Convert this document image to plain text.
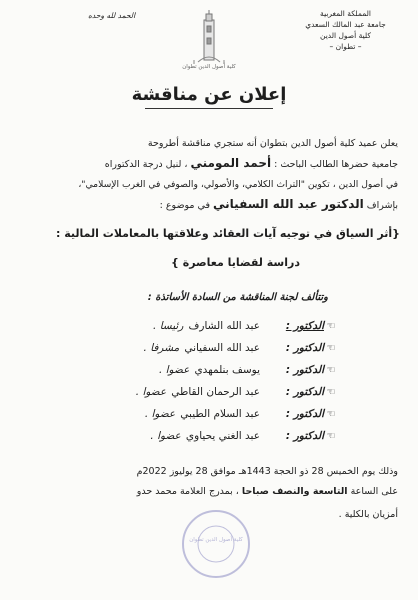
المملكة المغربية
جامعة عبد المالك السعدي
كلية أصول الدين
– تطوان –
الحمد لله وحده
كلية أصول الدين تطوان
إعلان عن مناقشة
يعلن عميد كلية أصول الدين بتطوان أنه ستجري مناقشة أطروحة
جامعية حضرها الطالب الباحث : أحمد المومني ، لنيل درجة الدكتوراه
في أصول الدين ، تكوين "التراث الكلامي، والأصولي، والصوفي في الغرب الإسلامي"،
بإشراف الدكتور عبد الله السفياني في موضوع :
{أثر السياق في توجيه آيات العقائد وعلاقتها بالمعاملات المالية :
دراسة لقضايا معاصرة }
وتتألف لجنة المناقشة من السادة الأساتذة :
☜الدكتور :عبد الله الشارف رئيسا .
☜الدكتور :عبد الله السفياني مشرفا .
☜الدكتور :يوسف بنلمهدي عضوا .
☜الدكتور :عبد الرحمان القاطي عضوا .
☜الدكتور :عبد السلام الطيبي عضوا .
☜الدكتور :عبد الغني يحياوي عضوا .
وذلك يوم الخميس 28 ذو الحجة 1443هـ موافق 28 يوليوز 2022م
على الساعة التاسعة والنصف صباحا ، بمدرج العلامة محمد حدو
أمزيان بالكلية .
كلية أصول الدين تطوان
